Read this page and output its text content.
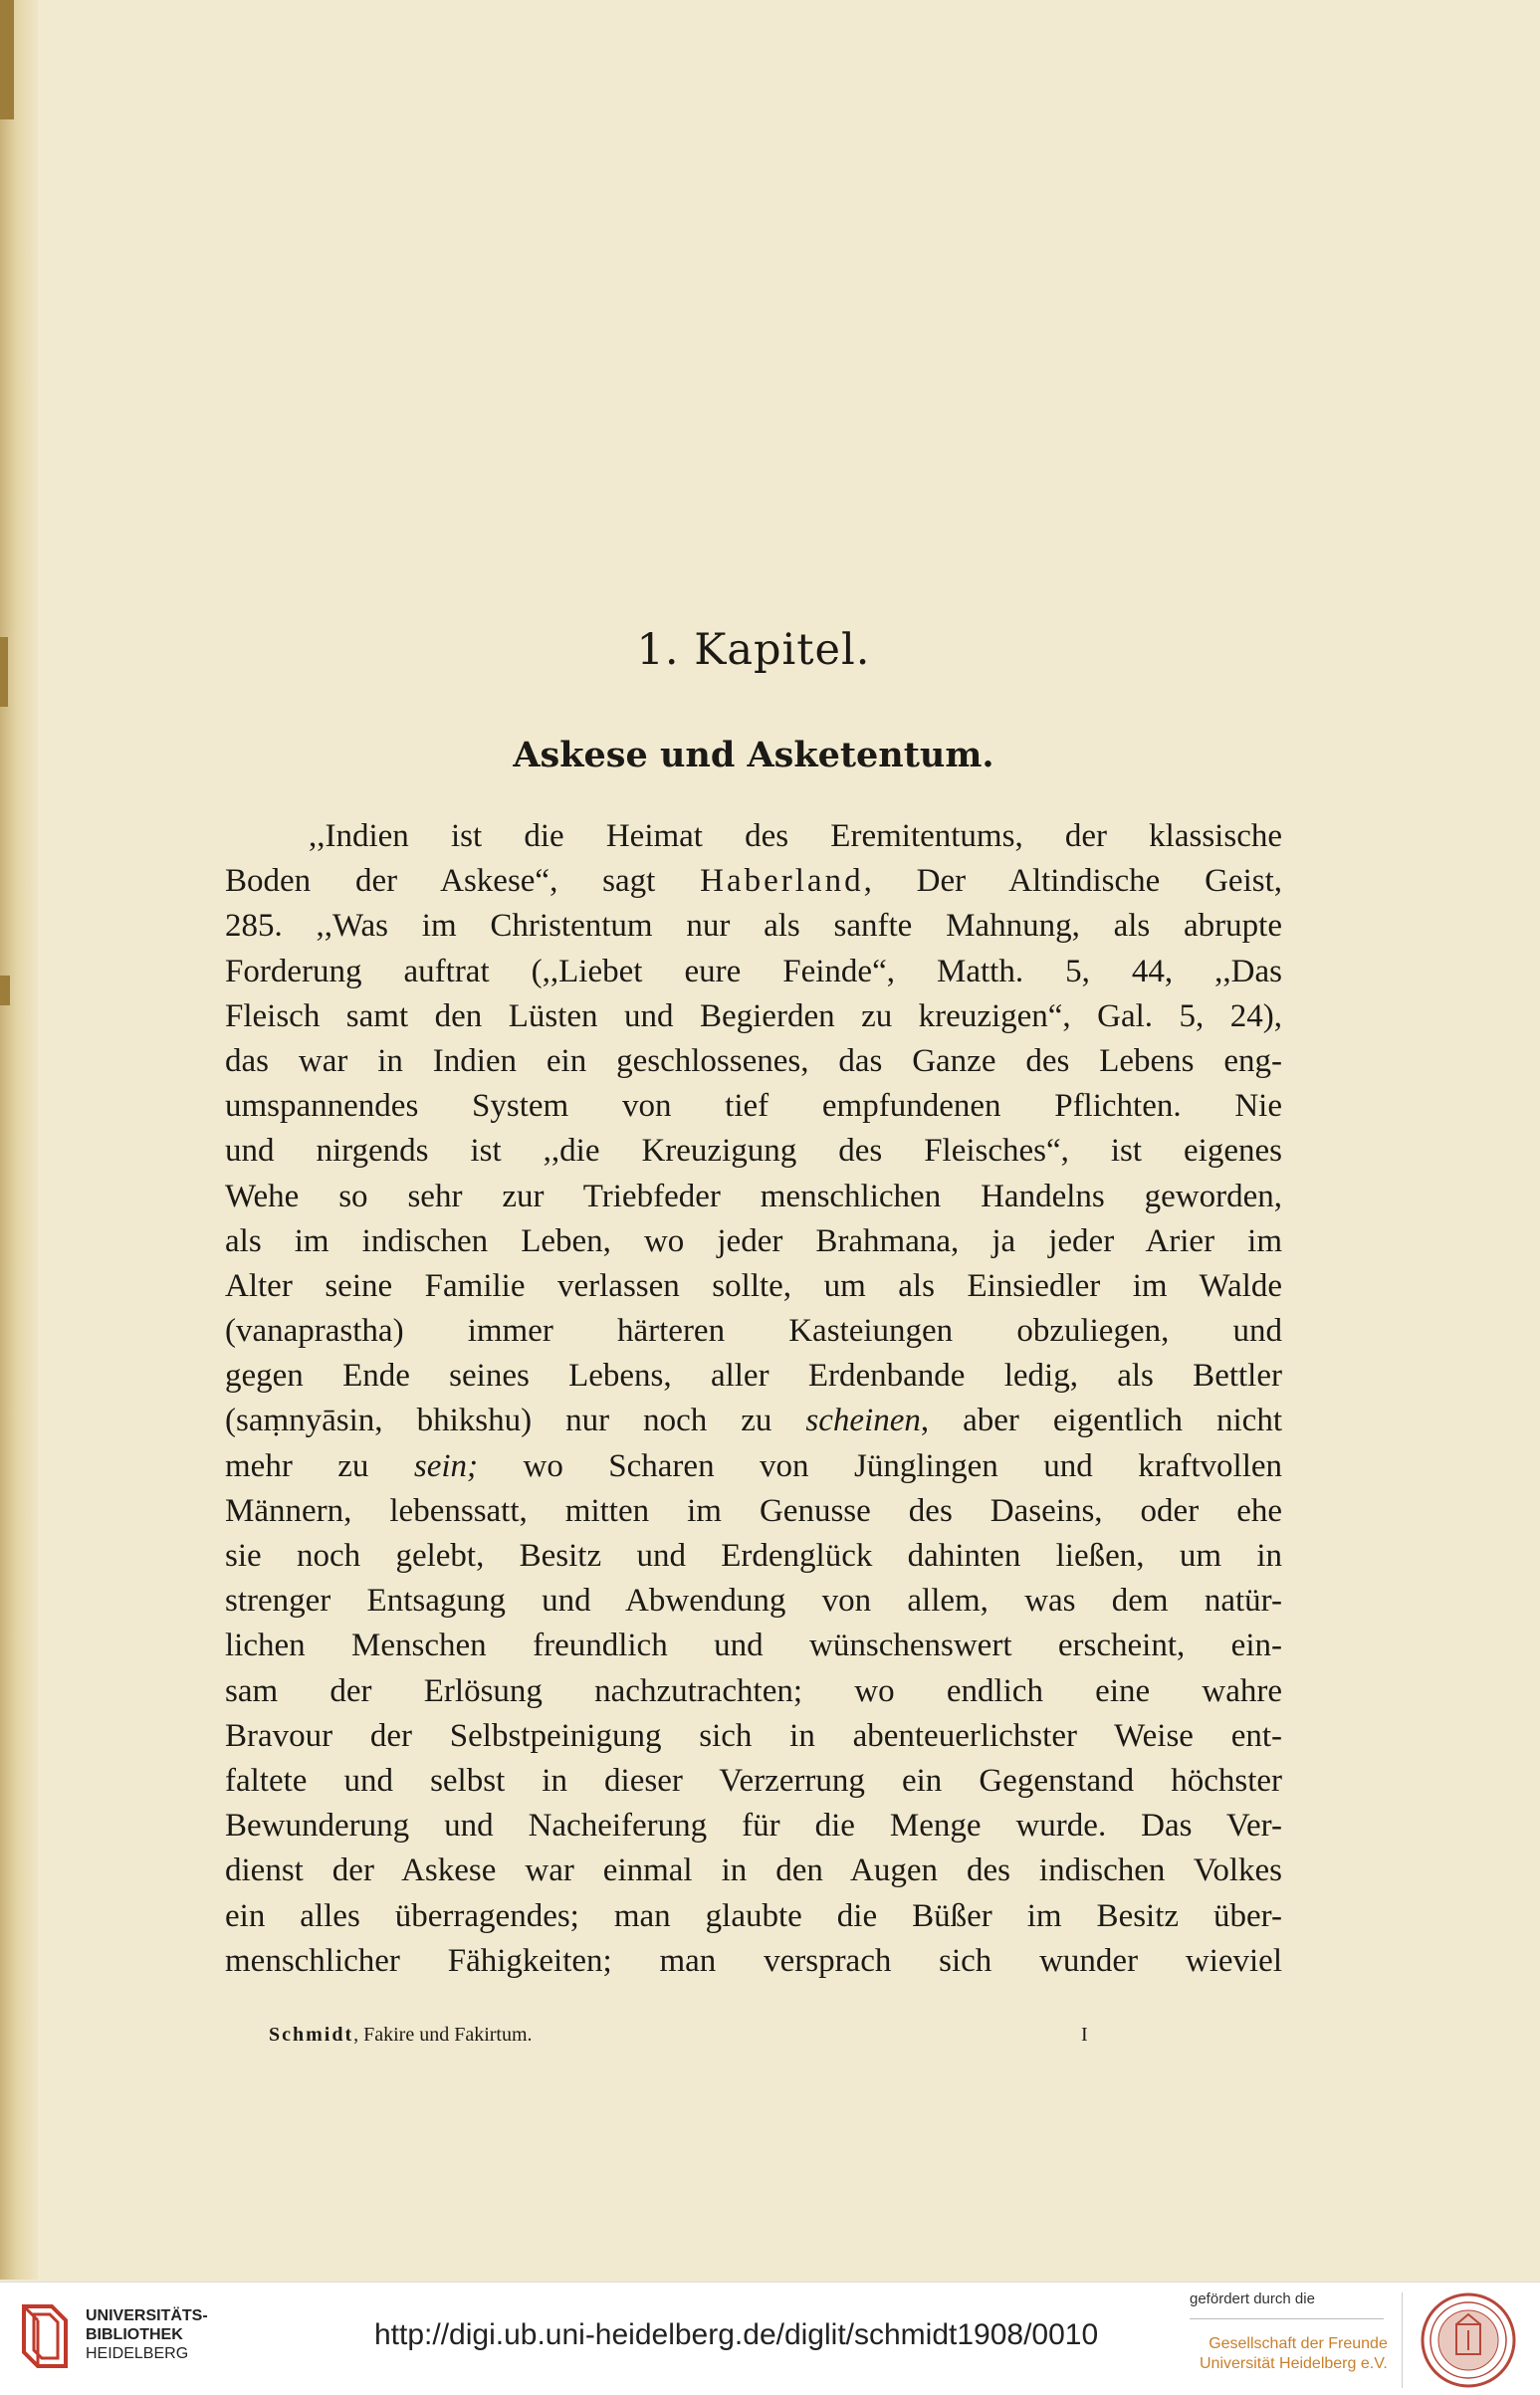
1. Kapitel.
Askese und Asketentum.
,,Indien ist die Heimat des Eremitentums, der klassische
Boden der Askese“, sagt Haberland, Der Altindische Geist,
285. ,,Was im Christentum nur als sanfte Mahnung, als abrupte
Forderung auftrat (,,Liebet eure Feinde“, Matth. 5, 44, ,,Das
Fleisch samt den Lüsten und Begierden zu kreuzigen“, Gal. 5, 24),
das war in Indien ein geschlossenes, das Ganze des Lebens eng-
umspannendes System von tief empfundenen Pflichten. Nie
und nirgends ist ,,die Kreuzigung des Fleisches“, ist eigenes
Wehe so sehr zur Triebfeder menschlichen Handelns geworden,
als im indischen Leben, wo jeder Brahmana, ja jeder Arier im
Alter seine Familie verlassen sollte, um als Einsiedler im Walde
(vanaprastha) immer härteren Kasteiungen obzuliegen, und
gegen Ende seines Lebens, aller Erdenbande ledig, als Bettler
(saṃnyāsin, bhikshu) nur noch zu scheinen, aber eigentlich nicht
mehr zu sein; wo Scharen von Jünglingen und kraftvollen
Männern, lebenssatt, mitten im Genusse des Daseins, oder ehe
sie noch gelebt, Besitz und Erdenglück dahinten ließen, um in
strenger Entsagung und Abwendung von allem, was dem natür-
lichen Menschen freundlich und wünschenswert erscheint, ein-
sam der Erlösung nachzutrachten; wo endlich eine wahre
Bravour der Selbstpeinigung sich in abenteuerlichster Weise ent-
faltete und selbst in dieser Verzerrung ein Gegenstand höchster
Bewunderung und Nacheiferung für die Menge wurde. Das Ver-
dienst der Askese war einmal in den Augen des indischen Volkes
ein alles überragendes; man glaubte die Büßer im Besitz über-
menschlicher Fähigkeiten; man versprach sich wunder wieviel
Schmidt, Fakire und Fakirtum.	I
UNIVERSITÄTS-
BIBLIOTHEK
HEIDELBERG
http://digi.ub.uni-heidelberg.de/diglit/schmidt1908/0010
gefördert durch die
Gesellschaft der Freunde
Universität Heidelberg e.V.
